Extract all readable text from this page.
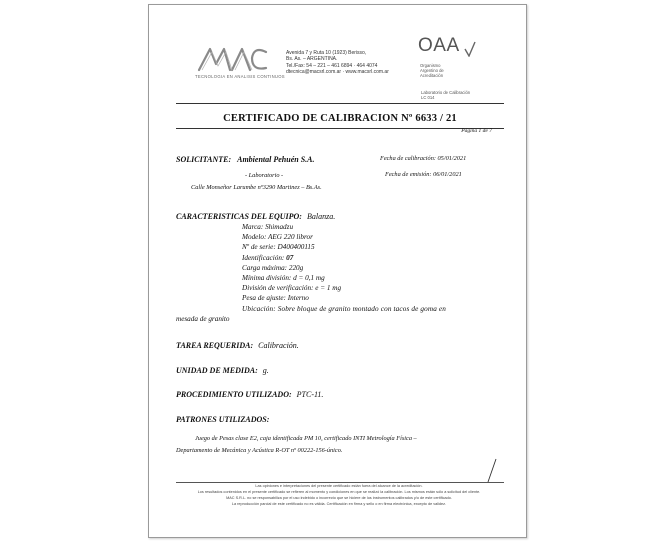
TECNOLOGIA EN ANALISIS CONTINUOS
Avenida 7 y Ruta 10 (1923) Berisso,
Bs. As. – ARGENTINA.
Tel./Fax: 54 – 221 – 461 6894 · 464 4074
dtecnica@macsrl.com.ar · www.macsrl.com.ar
OAA
Organismo
Argentino de
Acreditación
Laboratorio de Calibración
LC 014
CERTIFICADO DE CALIBRACION Nº 6633 / 21
Página 1 de 7
SOLICITANTE: Ambiental Pehuén S.A.	Fecha de calibración: 05/01/2021
- Laboratorio -	Fecha de emisión: 06/01/2021
Calle Monseñor Larumbe nº3290 Martinez – Bs.As.
CARACTERISTICAS DEL EQUIPO: Balanza.
Marca: Shimadzu
Modelo: AEG 220 libror
Nº de serie: D400400115
Identificación: 07
Carga máxima: 220g
Mínima división: d = 0,1 mg
División de verificación: e = 1 mg
Pesa de ajuste: Interno
Ubicación: Sobre bloque de granito montado con tacos de goma en
mesada de granito
TAREA REQUERIDA: Calibración.
UNIDAD DE MEDIDA: g.
PROCEDIMIENTO UTILIZADO: PTC-11.
PATRONES UTILIZADOS:
Juego de Pesas clase E2, caja identificada PM 10, certificado INTI Metrología Física –
Departamento de Mecánica y Acústica R-OT nº 00222-156-único.
Las opiniones e interpretaciones del presente certificado están fuera del alcance de la acreditación.
Los resultados contenidos en el presente certificado se refieren al momento y condiciones en que se realizó la calibración. Los mismos están sólo a solicitud del cliente.
MAC S.R.L. no se responsabiliza por el uso indebido o incorrecto que se hiciere de los instrumentos calibrados y/o de este certificado.
La reproducción parcial de este certificado no es válida. Certificación en firma y sello o en firma electrónica, excepto de validez.
